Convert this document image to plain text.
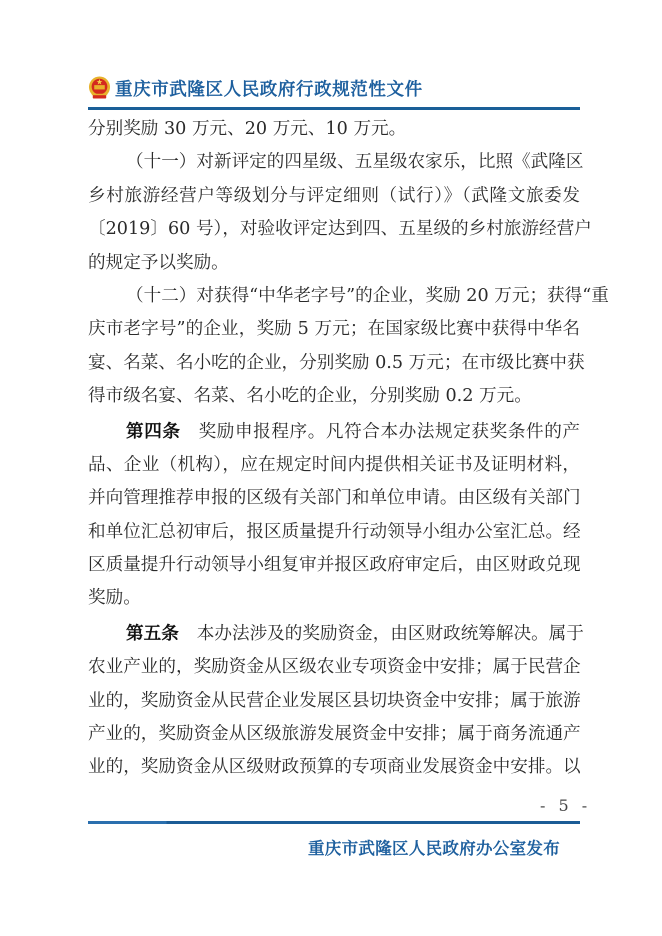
重庆市武隆区人民政府行政规范性文件
分别奖励 30 万元、20 万元、10 万元。
（十一）对新评定的四星级、五星级农家乐，比照《武隆区
乡村旅游经营户等级划分与评定细则（试行）》（武隆文旅委发
〔2019〕60 号），对验收评定达到四、五星级的乡村旅游经营户
的规定予以奖励。
（十二）对获得“中华老字号”的企业，奖励 20 万元；获得“重
庆市老字号”的企业，奖励 5 万元；在国家级比赛中获得中华名
宴、名菜、名小吃的企业，分别奖励 0.5 万元；在市级比赛中获
得市级名宴、名菜、名小吃的企业，分别奖励 0.2 万元。
第四条 奖励申报程序。凡符合本办法规定获奖条件的产
品、企业（机构），应在规定时间内提供相关证书及证明材料，
并向管理推荐申报的区级有关部门和单位申请。由区级有关部门
和单位汇总初审后，报区质量提升行动领导小组办公室汇总。经
区质量提升行动领导小组复审并报区政府审定后，由区财政兑现
奖励。
第五条 本办法涉及的奖励资金，由区财政统筹解决。属于
农业产业的，奖励资金从区级农业专项资金中安排；属于民营企
业的，奖励资金从民营企业发展区县切块资金中安排；属于旅游
产业的，奖励资金从区级旅游发展资金中安排；属于商务流通产
业的，奖励资金从区级财政预算的专项商业发展资金中安排。以
- 5 -
重庆市武隆区人民政府办公室发布
